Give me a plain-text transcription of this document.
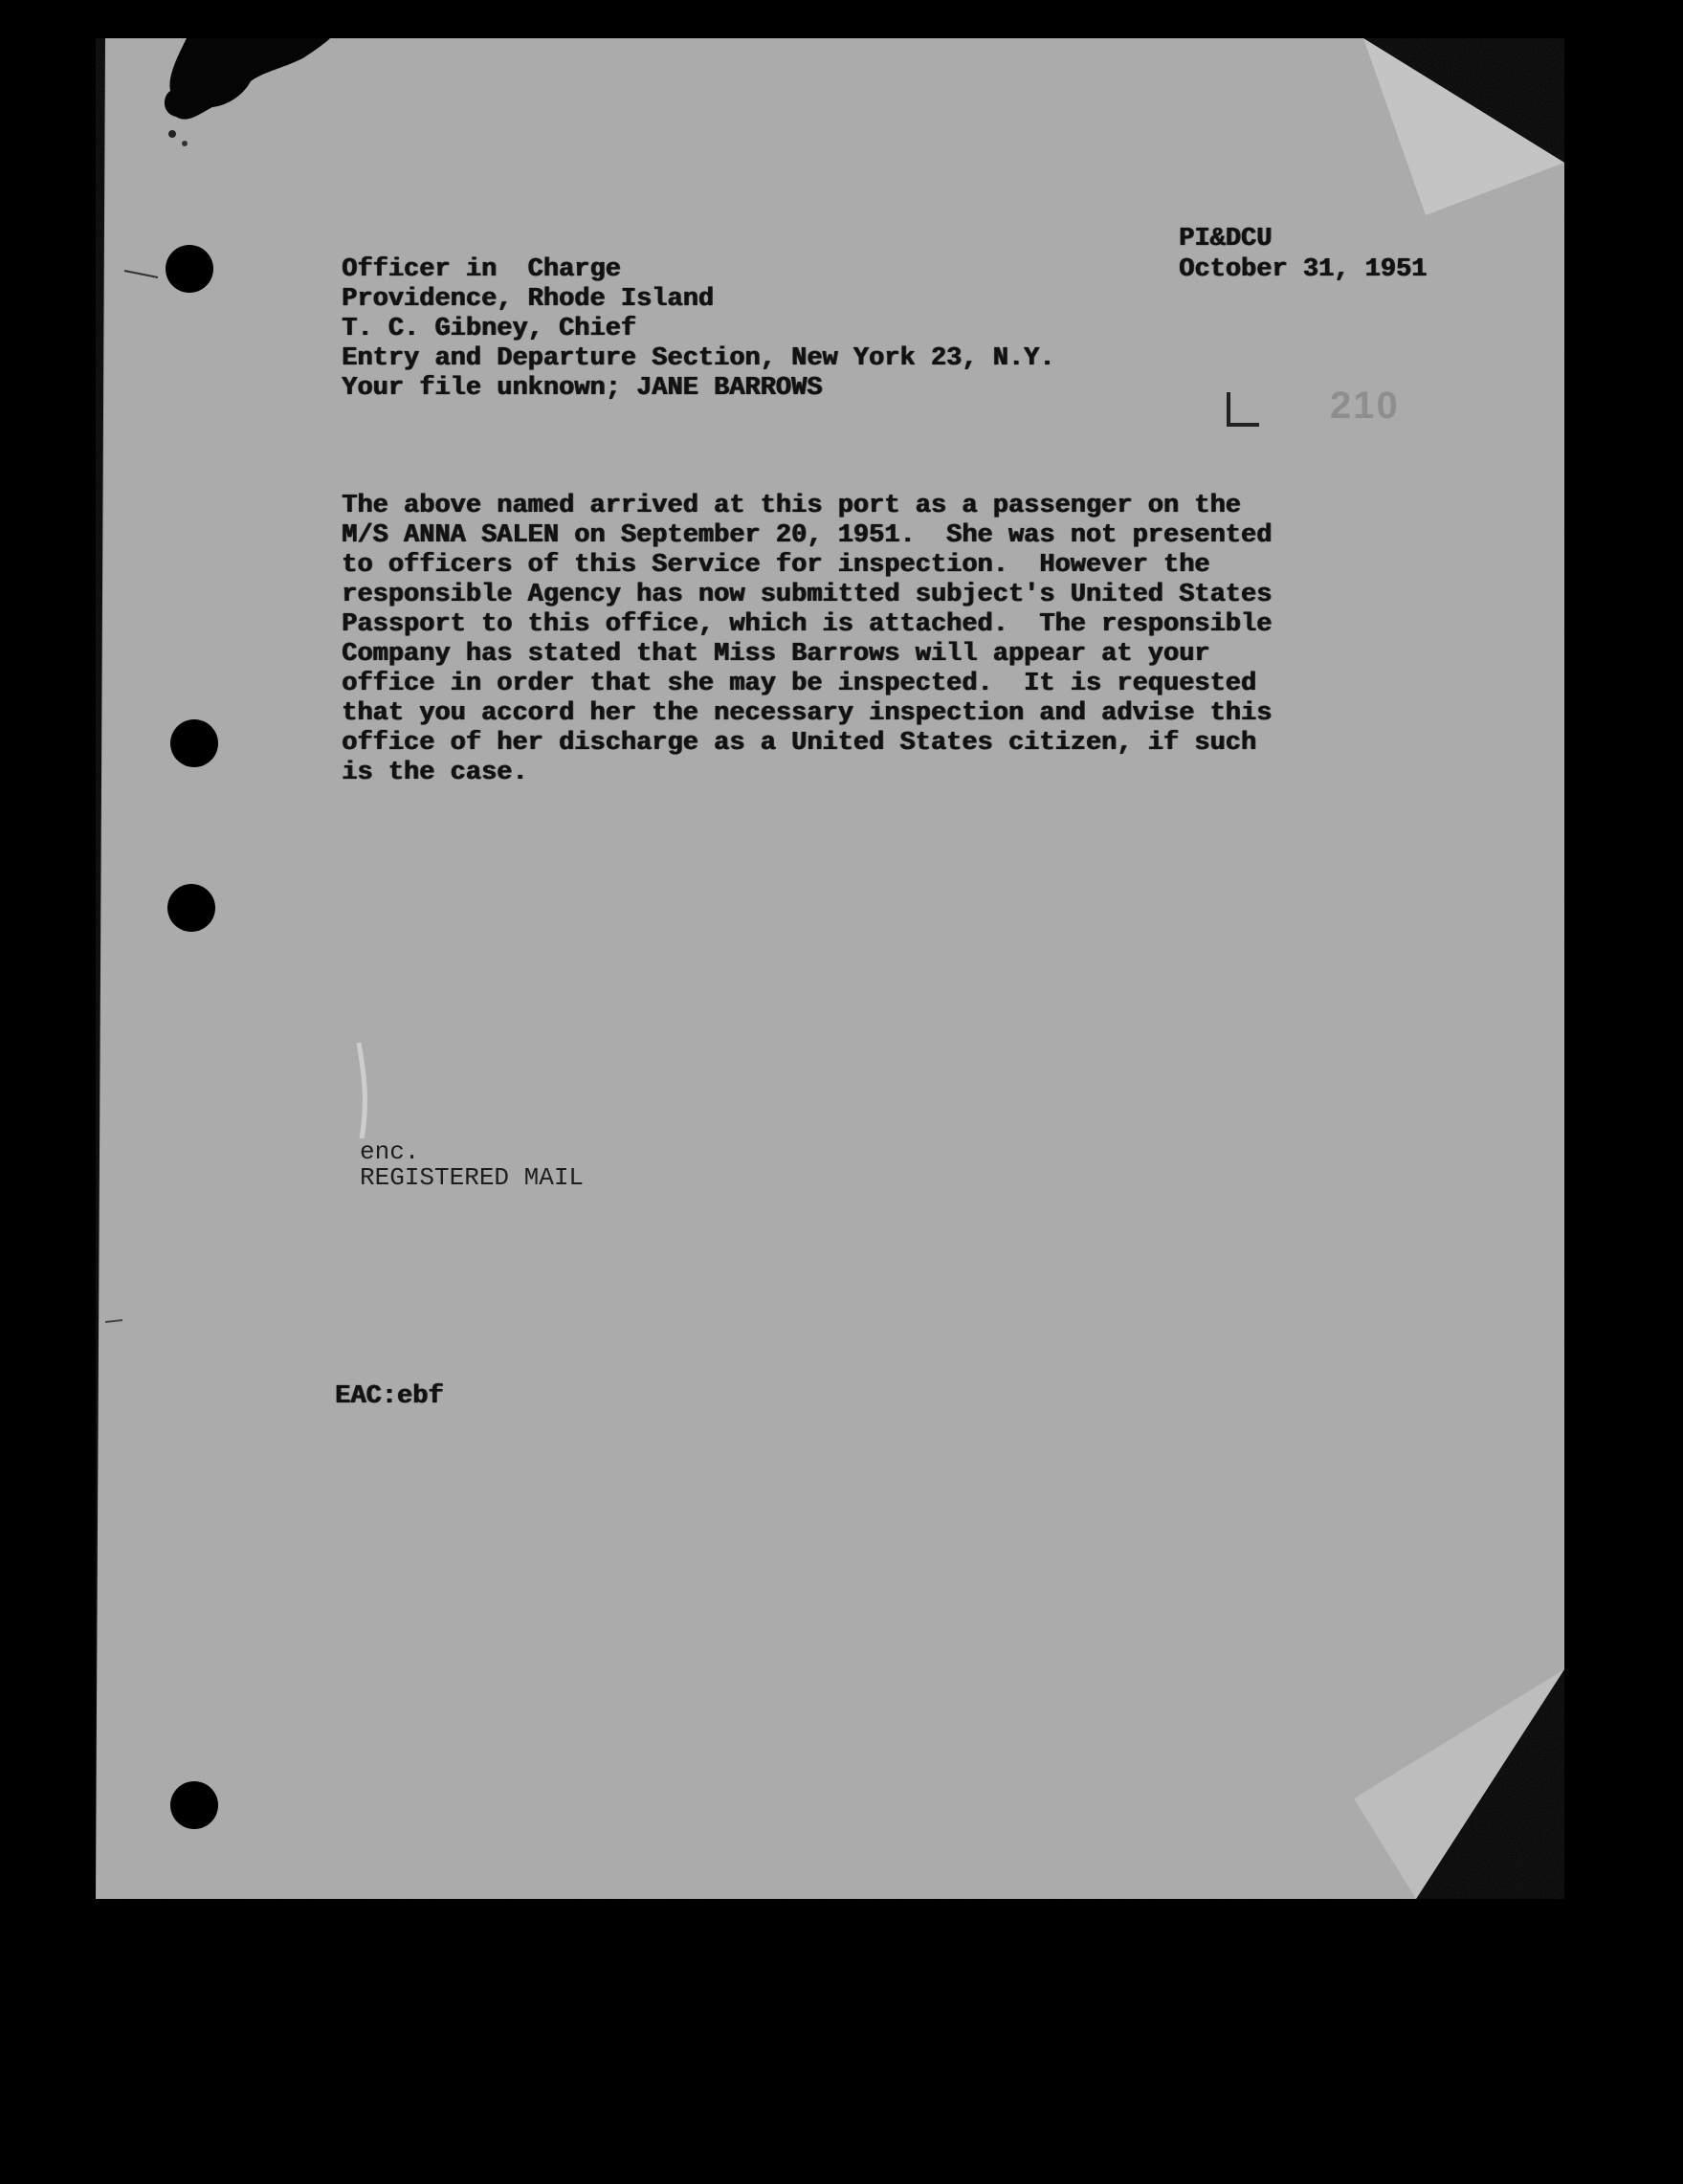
PI&DCU
October 31, 1951
Officer in  Charge
Providence, Rhode Island
T. C. Gibney, Chief
Entry and Departure Section, New York 23, N.Y.
Your file unknown; JANE BARROWS	210
The above named arrived at this port as a passenger on the
M/S ANNA SALEN on September 20, 1951.  She was not presented
to officers of this Service for inspection.  However the
responsible Agency has now submitted subject's United States
Passport to this office, which is attached.  The responsible
Company has stated that Miss Barrows will appear at your
office in order that she may be inspected.  It is requested
that you accord her the necessary inspection and advise this
office of her discharge as a United States citizen, if such
is the case.
enc.
REGISTERED MAIL
EAC:ebf
